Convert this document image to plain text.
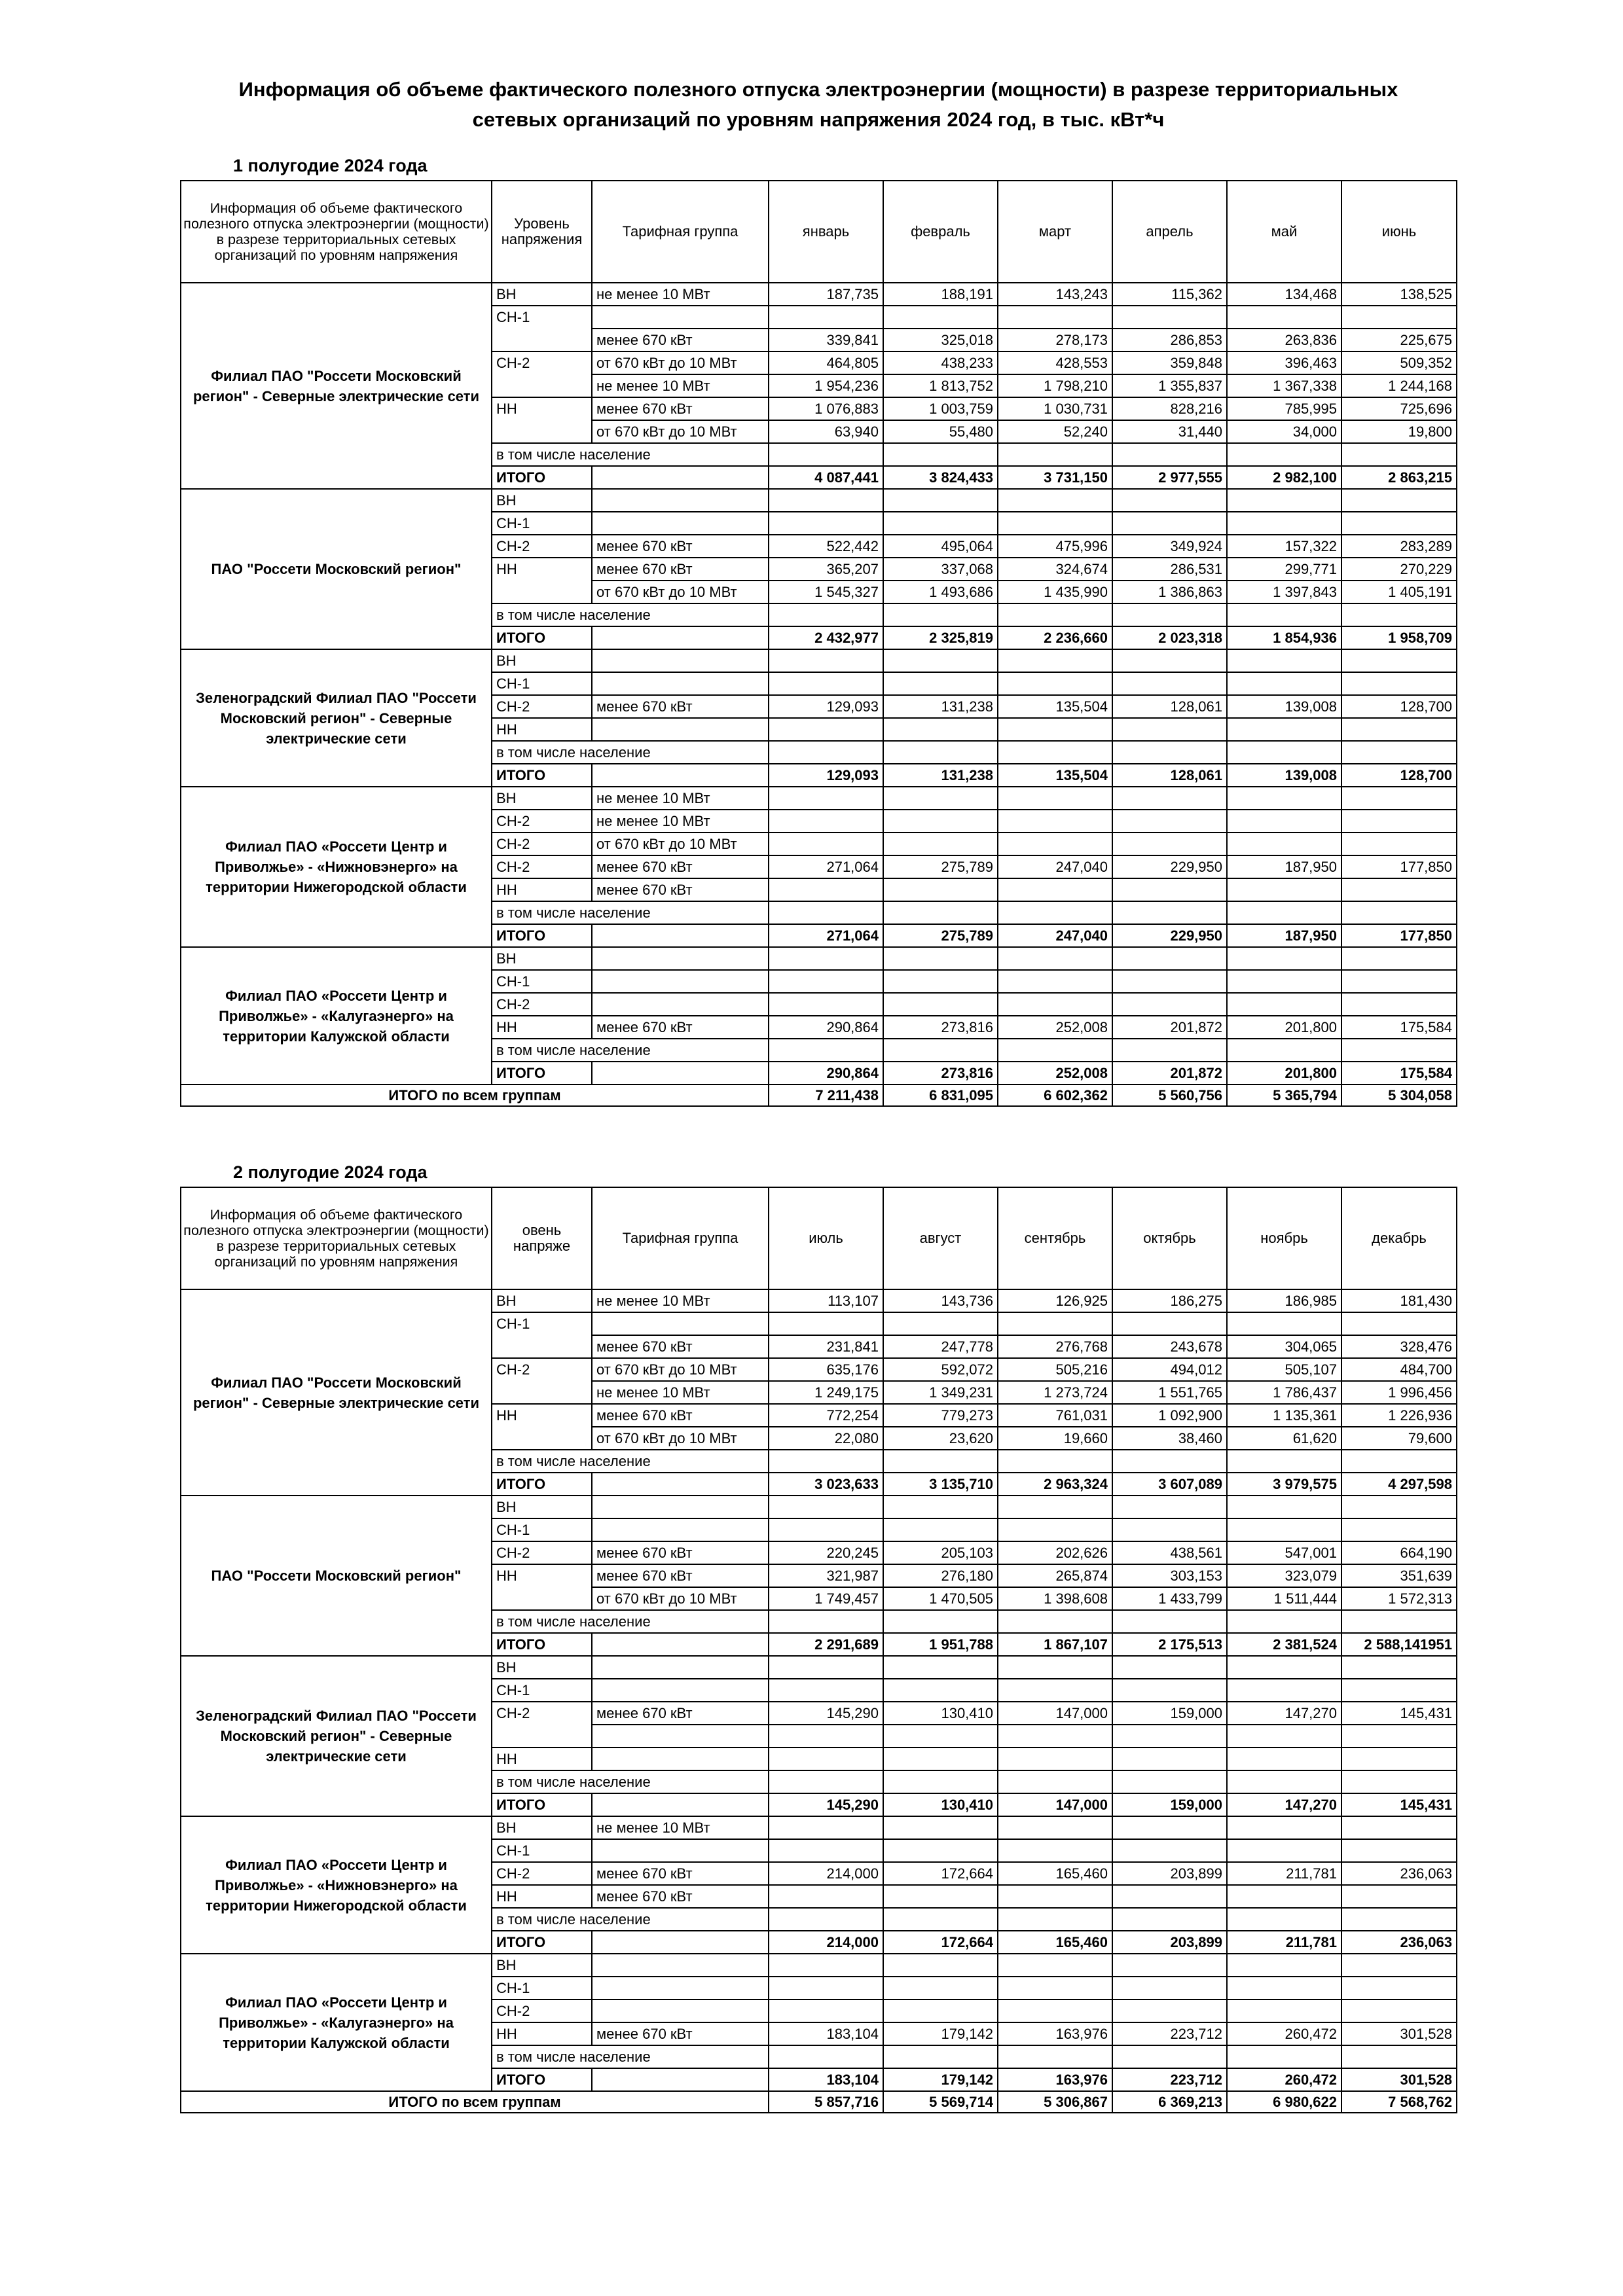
Информация об объеме фактического полезного отпуска электроэнергии (мощности) в разрезе территориальных
сетевых организаций по уровням напряжения 2024 год, в тыс. кВт*ч
1 полугодие 2024 года
Информация об объеме фактического полезного отпуска электроэнергии (мощности) в разрезе территориальных сетевых организаций по уровням напряжения	Уровень напряжения	Тарифная группа	январь	февраль	март	апрель	май	июнь
Филиал ПАО "Россети Московский регион" - Северные электрические сети	ВН	не менее 10 МВт	187,735	188,191	143,243	115,362	134,468	138,525
	СН-1							
		менее 670 кВт	339,841	325,018	278,173	286,853	263,836	225,675
	СН-2	от 670 кВт до 10 МВт	464,805	438,233	428,553	359,848	396,463	509,352
		не менее 10 МВт	1 954,236	1 813,752	1 798,210	1 355,837	1 367,338	1 244,168
	НН	менее 670 кВт	1 076,883	1 003,759	1 030,731	828,216	785,995	725,696
		от 670 кВт до 10 МВт	63,940	55,480	52,240	31,440	34,000	19,800
	в том числе население							
	ИТОГО		4 087,441	3 824,433	3 731,150	2 977,555	2 982,100	2 863,215
ПАО "Россети Московский регион"	ВН							
	СН-1							
	СН-2	менее 670 кВт	522,442	495,064	475,996	349,924	157,322	283,289
	НН	менее 670 кВт	365,207	337,068	324,674	286,531	299,771	270,229
		от 670 кВт до 10 МВт	1 545,327	1 493,686	1 435,990	1 386,863	1 397,843	1 405,191
	в том числе население							
	ИТОГО		2 432,977	2 325,819	2 236,660	2 023,318	1 854,936	1 958,709
Зеленоградский Филиал ПАО "Россети Московский регион" - Северные электрические сети	ВН							
	СН-1							
	СН-2	менее 670 кВт	129,093	131,238	135,504	128,061	139,008	128,700
	НН							
	в том числе население							
	ИТОГО		129,093	131,238	135,504	128,061	139,008	128,700
Филиал ПАО «Россети Центр и Приволжье» - «Нижновэнерго» на территории Нижегородской области	ВН	не менее 10 МВт						
	СН-2	не менее 10 МВт						
	СН-2	от 670 кВт до 10 МВт						
	СН-2	менее 670 кВт	271,064	275,789	247,040	229,950	187,950	177,850
	НН	менее 670 кВт						
	в том числе население							
	ИТОГО		271,064	275,789	247,040	229,950	187,950	177,850
Филиал ПАО «Россети Центр и Приволжье» - «Калугаэнерго» на территории Калужской области	ВН							
	СН-1							
	СН-2							
	НН	менее 670 кВт	290,864	273,816	252,008	201,872	201,800	175,584
	в том числе население							
	ИТОГО		290,864	273,816	252,008	201,872	201,800	175,584
ИТОГО по всем группам			7 211,438	6 831,095	6 602,362	5 560,756	5 365,794	5 304,058
2 полугодие 2024 года
Информация об объеме фактического полезного отпуска электроэнергии (мощности) в разрезе территориальных сетевых организаций по уровням напряжения	овень напряже	Тарифная группа	июль	август	сентябрь	октябрь	ноябрь	декабрь
Филиал ПАО "Россети Московский регион" - Северные электрические сети	ВН	не менее 10 МВт	113,107	143,736	126,925	186,275	186,985	181,430
	СН-1							
		менее 670 кВт	231,841	247,778	276,768	243,678	304,065	328,476
	СН-2	от 670 кВт до 10 МВт	635,176	592,072	505,216	494,012	505,107	484,700
		не менее 10 МВт	1 249,175	1 349,231	1 273,724	1 551,765	1 786,437	1 996,456
	НН	менее 670 кВт	772,254	779,273	761,031	1 092,900	1 135,361	1 226,936
		от 670 кВт до 10 МВт	22,080	23,620	19,660	38,460	61,620	79,600
	в том числе население							
	ИТОГО		3 023,633	3 135,710	2 963,324	3 607,089	3 979,575	4 297,598
ПАО "Россети Московский регион"	ВН							
	СН-1							
	СН-2	менее 670 кВт	220,245	205,103	202,626	438,561	547,001	664,190
	НН	менее 670 кВт	321,987	276,180	265,874	303,153	323,079	351,639
		от 670 кВт до 10 МВт	1 749,457	1 470,505	1 398,608	1 433,799	1 511,444	1 572,313
	в том числе население							
	ИТОГО		2 291,689	1 951,788	1 867,107	2 175,513	2 381,524	2 588,141951
Зеленоградский Филиал ПАО "Россети Московский регион" - Северные электрические сети	ВН							
	СН-1							
	СН-2	менее 670 кВт	145,290	130,410	147,000	159,000	147,270	145,431

	НН							
	в том числе население							
	ИТОГО		145,290	130,410	147,000	159,000	147,270	145,431
Филиал ПАО «Россети Центр и Приволжье» - «Нижновэнерго» на территории Нижегородской области	ВН	не менее 10 МВт						
	СН-1							
	СН-2	менее 670 кВт	214,000	172,664	165,460	203,899	211,781	236,063
	НН	менее 670 кВт						
	в том числе население							
	ИТОГО		214,000	172,664	165,460	203,899	211,781	236,063
Филиал ПАО «Россети Центр и Приволжье» - «Калугаэнерго» на территории Калужской области	ВН							
	СН-1							
	СН-2							
	НН	менее 670 кВт	183,104	179,142	163,976	223,712	260,472	301,528
	в том числе население							
	ИТОГО		183,104	179,142	163,976	223,712	260,472	301,528
ИТОГО по всем группам			5 857,716	5 569,714	5 306,867	6 369,213	6 980,622	7 568,762
